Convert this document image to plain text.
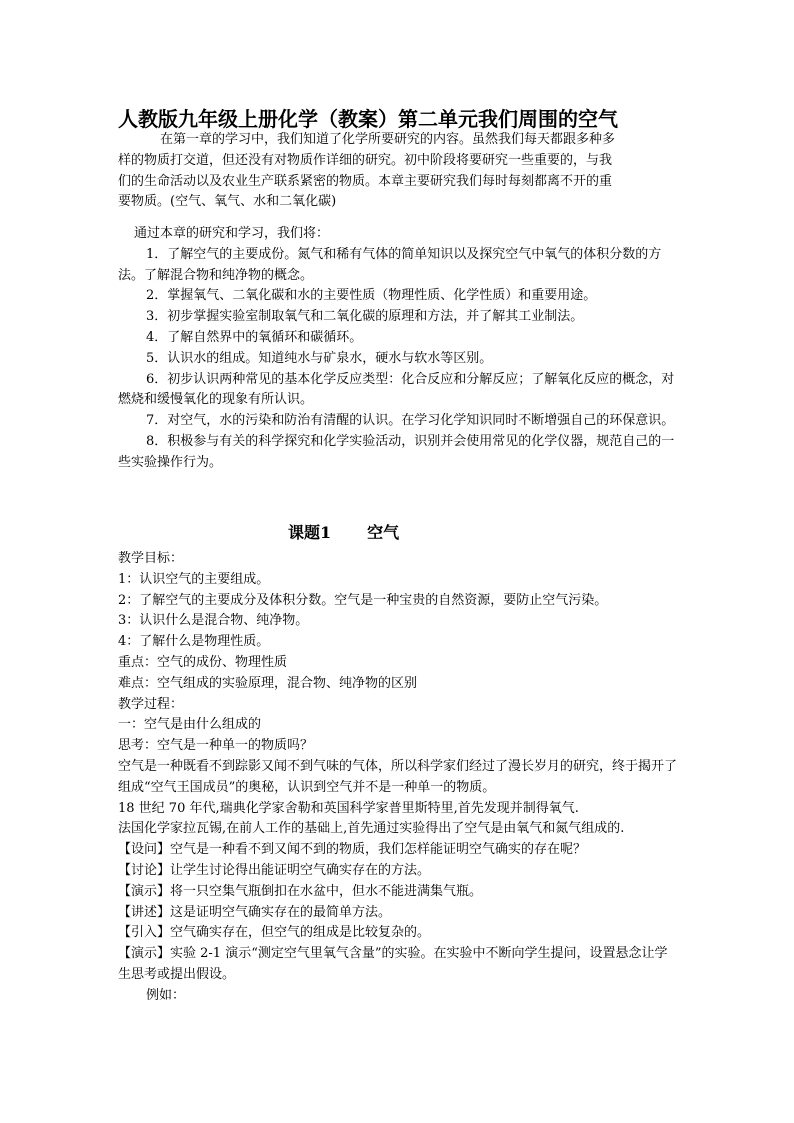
人教版九年级上册化学（教案）第二单元我们周围的空气

在第一章的学习中，我们知道了化学所要研究的内容。虽然我们每天都跟多种多

样的物质打交道，但还没有对物质作详细的研究。初中阶段将要研究一些重要的，与我

们的生命活动以及农业生产联系紧密的物质。本章主要研究我们每时每刻都离不开的重

要物质。(空气、氧气、水和二氧化碳)

通过本章的研究和学习，我们将：

1．了解空气的主要成份。氮气和稀有气体的简单知识以及探究空气中氧气的体积分数的方法。了解混合物和纯净物的概念。

2．掌握氧气、二氧化碳和水的主要性质（物理性质、化学性质）和重要用途。

3．初步掌握实验室制取氧气和二氧化碳的原理和方法，并了解其工业制法。

4．了解自然界中的氧循环和碳循环。

5．认识水的组成。知道纯水与矿泉水，硬水与软水等区别。

6．初步认识两种常见的基本化学反应类型：化合反应和分解反应；了解氧化反应的概念，对燃烧和缓慢氧化的现象有所认识。

7．对空气，水的污染和防治有清醒的认识。在学习化学知识同时不断增强自己的环保意识。

8．积极参与有关的科学探究和化学实验活动，识别并会使用常见的化学仪器，规范自己的一些实验操作行为。

课题1 空气

教学目标：

1：认识空气的主要组成。

2：了解空气的主要成分及体积分数。空气是一种宝贵的自然资源，要防止空气污染。

3：认识什么是混合物、纯净物。

4：了解什么是物理性质。

重点：空气的成份、物理性质

难点：空气组成的实验原理，混合物、纯净物的区别

教学过程：

一：空气是由什么组成的

思考：空气是一种单一的物质吗？

空气是一种既看不到踪影又闻不到气味的气体，所以科学家们经过了漫长岁月的研究，终于揭开了组成“空气王国成员”的奥秘，认识到空气并不是一种单一的物质。

18 世纪 70 年代,瑞典化学家舍勒和英国科学家普里斯特里,首先发现并制得氧气.

法国化学家拉瓦锡,在前人工作的基础上,首先通过实验得出了空气是由氧气和氮气组成的.

【设问】空气是一种看不到又闻不到的物质，我们怎样能证明空气确实的存在呢？

【讨论】让学生讨论得出能证明空气确实存在的方法。

【演示】将一只空集气瓶倒扣在水盆中，但水不能进满集气瓶。

【讲述】这是证明空气确实存在的最简单方法。

【引入】空气确实存在，但空气的组成是比较复杂的。

【演示】实验 2-1 演示“测定空气里氧气含量”的实验。在实验中不断向学生提问，设置悬念让学生思考或提出假设。

例如：
